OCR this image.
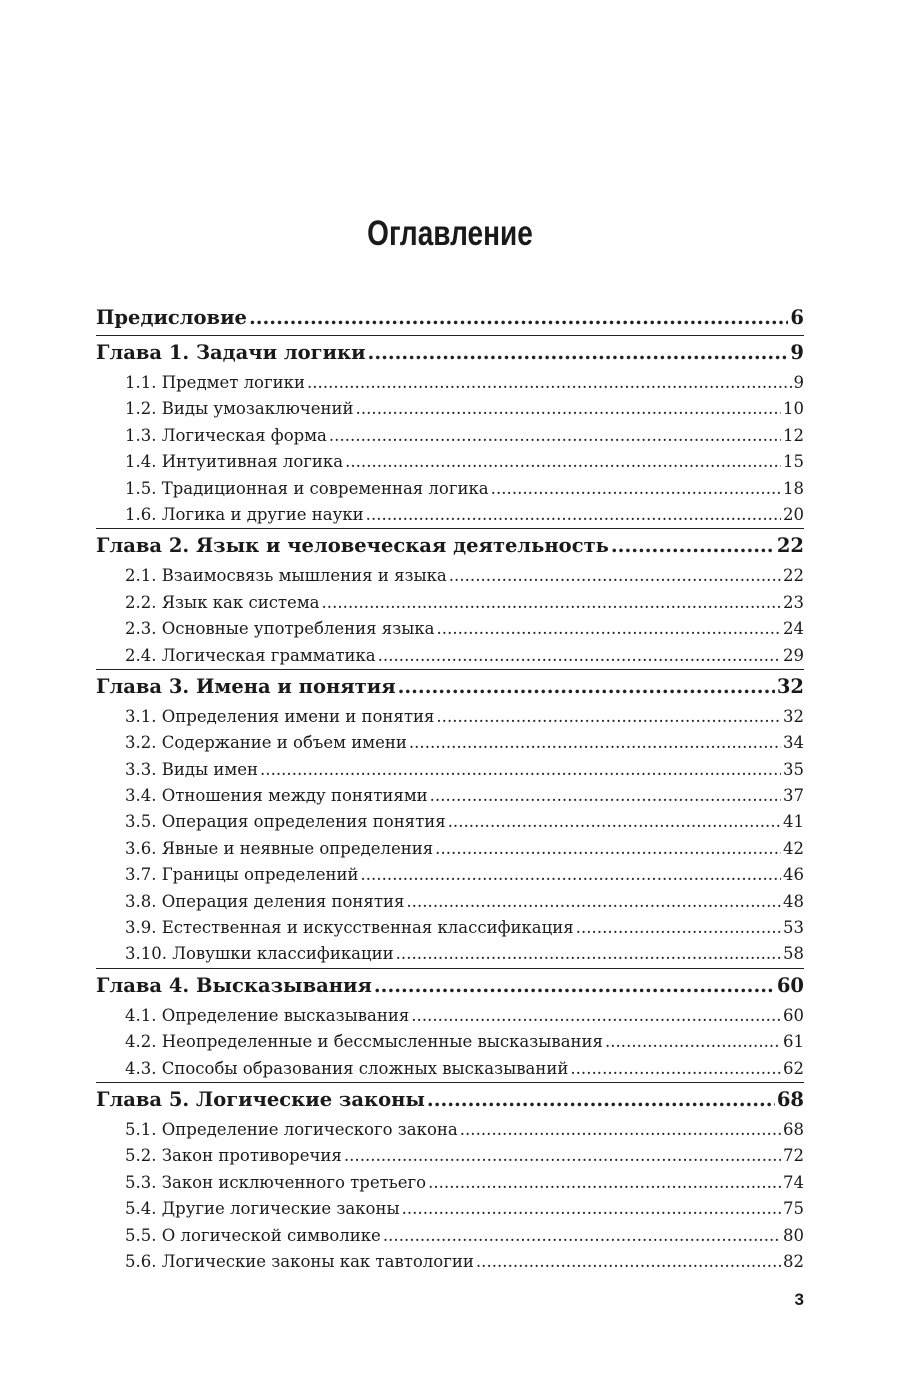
Оглавление
Предисловие . . .	6
Глава 1. Задачи логики . . .	9
1.1. Предмет логики . . .	9
1.2. Виды умозаключений . . .	10
1.3. Логическая форма . . .	12
1.4. Интуитивная логика . . .	15
1.5. Традиционная и современная логика . . .	18
1.6. Логика и другие науки . . .	20
Глава 2. Язык и человеческая деятельность . . .	22
2.1. Взаимосвязь мышления и языка . . .	22
2.2. Язык как система . . .	23
2.3. Основные употребления языка . . .	24
2.4. Логическая грамматика . . .	29
Глава 3. Имена и понятия . . .	32
3.1. Определения имени и понятия . . .	32
3.2. Содержание и объем имени . . .	34
3.3. Виды имен . . .	35
3.4. Отношения между понятиями . . .	37
3.5. Операция определения понятия . . .	41
3.6. Явные и неявные определения . . .	42
3.7. Границы определений . . .	46
3.8. Операция деления понятия . . .	48
3.9. Естественная и искусственная классификация . . .	53
3.10. Ловушки классификации . . .	58
Глава 4. Высказывания . . .	60
4.1. Определение высказывания . . .	60
4.2. Неопределенные и бессмысленные высказывания . . .	61
4.3. Способы образования сложных высказываний . . .	62
Глава 5. Логические законы . . .	68
5.1. Определение логического закона . . .	68
5.2. Закон противоречия . . .	72
5.3. Закон исключенного третьего . . .	74
5.4. Другие логические законы . . .	75
5.5. О логической символике . . .	80
5.6. Логические законы как тавтологии . . .	82
3
